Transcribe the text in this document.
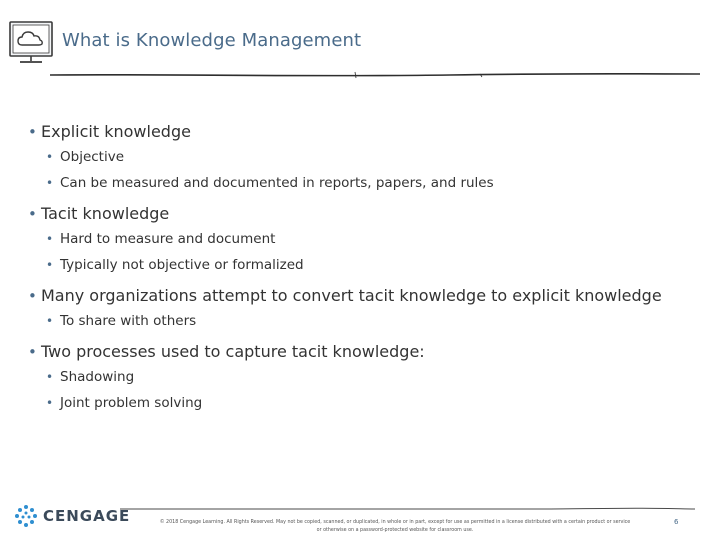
What is Knowledge Management
• Explicit knowledge
• Objective
• Can be measured and documented in reports, papers, and rules
• Tacit knowledge
• Hard to measure and document
• Typically not objective or formalized
• Many organizations attempt to convert tacit knowledge to explicit knowledge
• To share with others
• Two processes used to capture tacit knowledge:
• Shadowing
• Joint problem solving
CENGAGE	© 2018 Cengage Learning. All Rights Reserved. May not be copied, scanned, or duplicated, in whole or in part, except for use as permitted in a license distributed with a certain product or service
or otherwise on a password-protected website for classroom use.
6
